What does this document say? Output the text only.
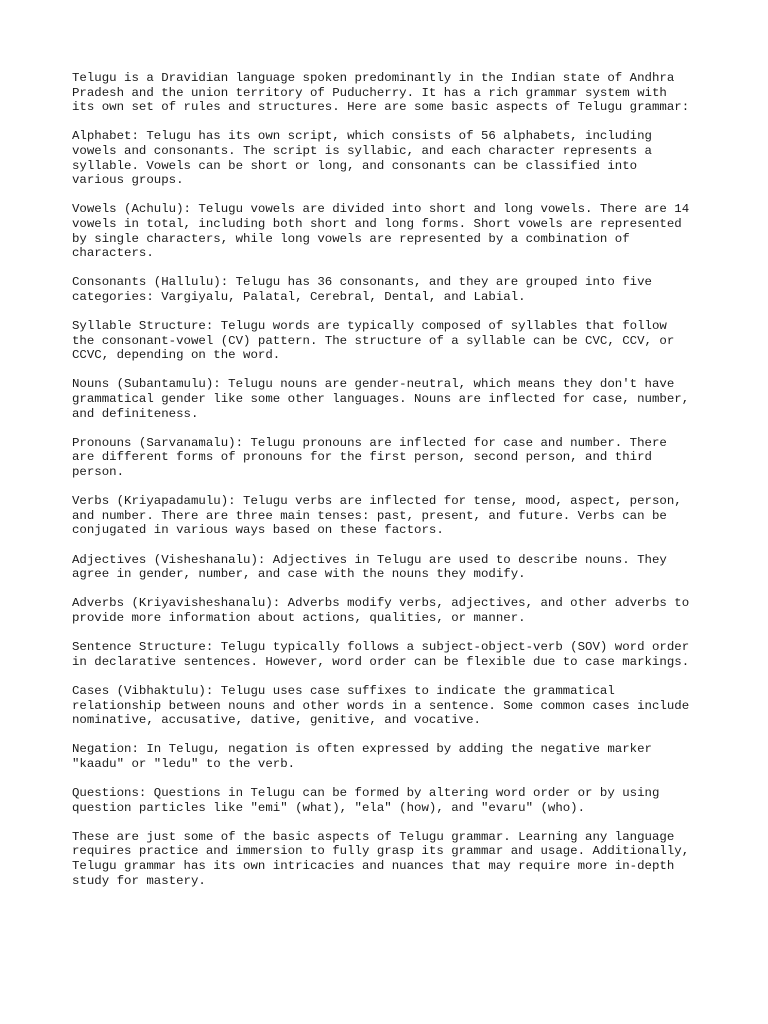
Telugu is a Dravidian language spoken predominantly in the Indian state of Andhra
Pradesh and the union territory of Puducherry. It has a rich grammar system with
its own set of rules and structures. Here are some basic aspects of Telugu grammar:

Alphabet: Telugu has its own script, which consists of 56 alphabets, including
vowels and consonants. The script is syllabic, and each character represents a
syllable. Vowels can be short or long, and consonants can be classified into
various groups.

Vowels (Achulu): Telugu vowels are divided into short and long vowels. There are 14
vowels in total, including both short and long forms. Short vowels are represented
by single characters, while long vowels are represented by a combination of
characters.

Consonants (Hallulu): Telugu has 36 consonants, and they are grouped into five
categories: Vargiyalu, Palatal, Cerebral, Dental, and Labial.

Syllable Structure: Telugu words are typically composed of syllables that follow
the consonant-vowel (CV) pattern. The structure of a syllable can be CVC, CCV, or
CCVC, depending on the word.

Nouns (Subantamulu): Telugu nouns are gender-neutral, which means they don't have
grammatical gender like some other languages. Nouns are inflected for case, number,
and definiteness.

Pronouns (Sarvanamalu): Telugu pronouns are inflected for case and number. There
are different forms of pronouns for the first person, second person, and third
person.

Verbs (Kriyapadamulu): Telugu verbs are inflected for tense, mood, aspect, person,
and number. There are three main tenses: past, present, and future. Verbs can be
conjugated in various ways based on these factors.

Adjectives (Visheshanalu): Adjectives in Telugu are used to describe nouns. They
agree in gender, number, and case with the nouns they modify.

Adverbs (Kriyavisheshanalu): Adverbs modify verbs, adjectives, and other adverbs to
provide more information about actions, qualities, or manner.

Sentence Structure: Telugu typically follows a subject-object-verb (SOV) word order
in declarative sentences. However, word order can be flexible due to case markings.

Cases (Vibhaktulu): Telugu uses case suffixes to indicate the grammatical
relationship between nouns and other words in a sentence. Some common cases include
nominative, accusative, dative, genitive, and vocative.

Negation: In Telugu, negation is often expressed by adding the negative marker
"kaadu" or "ledu" to the verb.

Questions: Questions in Telugu can be formed by altering word order or by using
question particles like "emi" (what), "ela" (how), and "evaru" (who).

These are just some of the basic aspects of Telugu grammar. Learning any language
requires practice and immersion to fully grasp its grammar and usage. Additionally,
Telugu grammar has its own intricacies and nuances that may require more in-depth
study for mastery.
